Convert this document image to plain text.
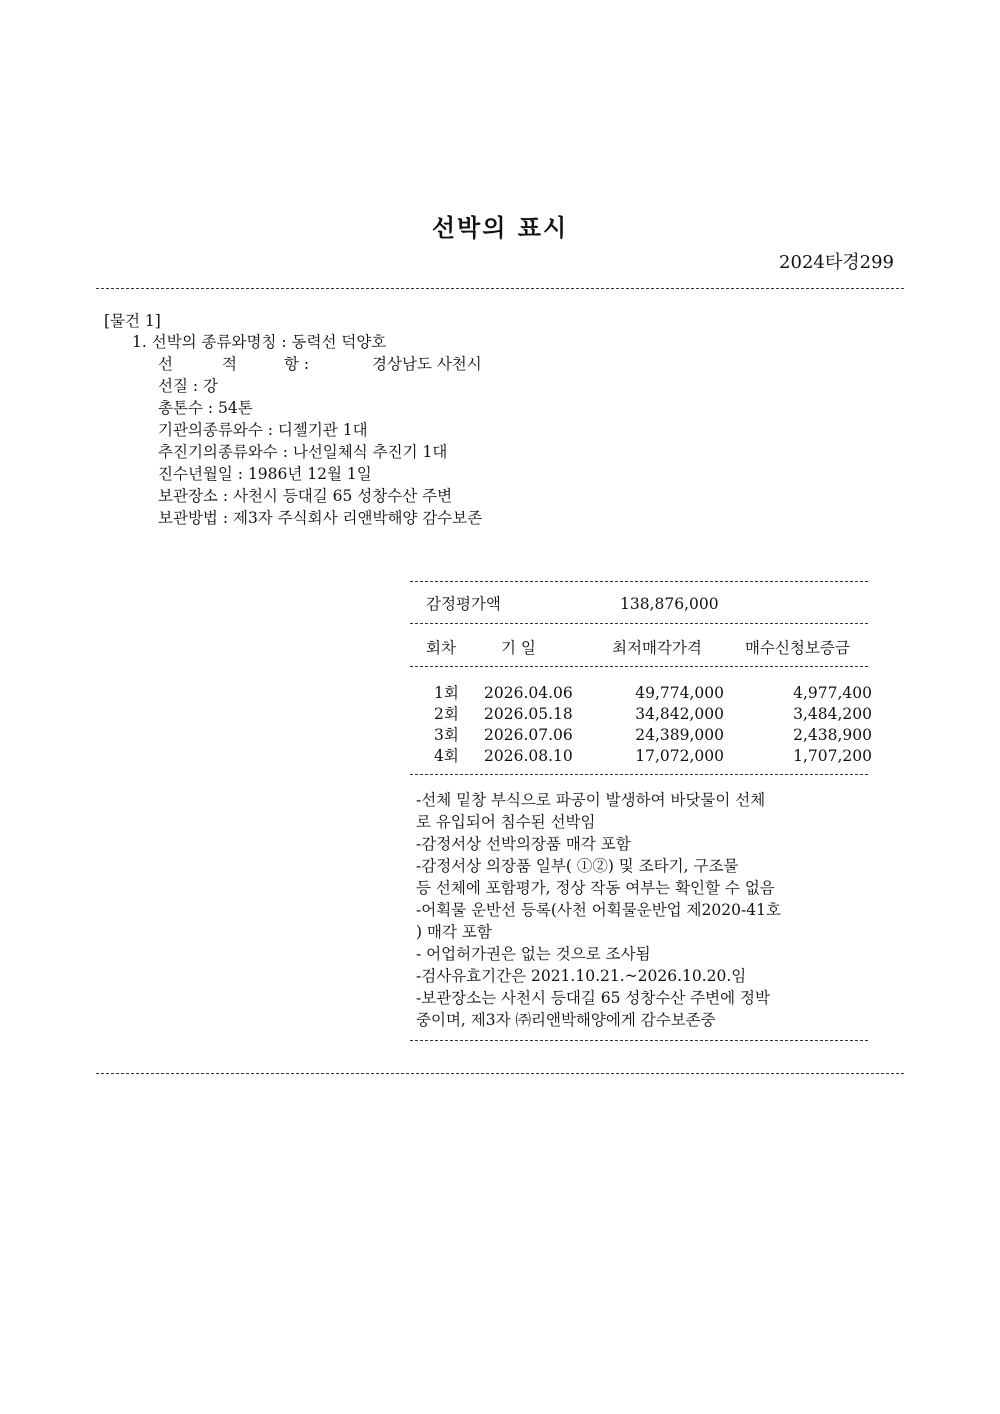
선박의 표시
2024타경299
[물건 1]
1. 선박의 종류와명칭 : 동력선 덕양호
선	적	항 :	경상남도 사천시
선질 : 강
총톤수 : 54톤
기관의종류와수 : 디젤기관 1대
추진기의종류와수 : 나선일체식 추진기 1대
진수년월일 : 1986년 12월 1일
보관장소 : 사천시 등대길 65 성창수산 주변
보관방법 : 제3자 주식회사 리앤박해양 감수보존
감정평가액	138,876,000
회차	기 일	최저매각가격	매수신청보증금
1회 2026.04.06	49,774,000	4,977,400
2회 2026.05.18	34,842,000	3,484,200
3회 2026.07.06	24,389,000	2,438,900
4회 2026.08.10	17,072,000	1,707,200
-선체 밑창 부식으로 파공이 발생하여 바닷물이 선체
로 유입되어 침수된 선박임
-감정서상 선박의장품 매각 포함
-감정서상 의장품 일부( ①②) 및 조타기, 구조물
등 선체에 포함평가, 정상 작동 여부는 확인할 수 없음
-어획물 운반선 등록(사천 어획물운반업 제2020-41호
) 매각 포함
- 어업허가권은 없는 것으로 조사됨
-검사유효기간은 2021.10.21.~2026.10.20.임
-보관장소는 사천시 등대길 65 성창수산 주변에 정박
중이며, 제3자 ㈜리앤박해양에게 감수보존중
